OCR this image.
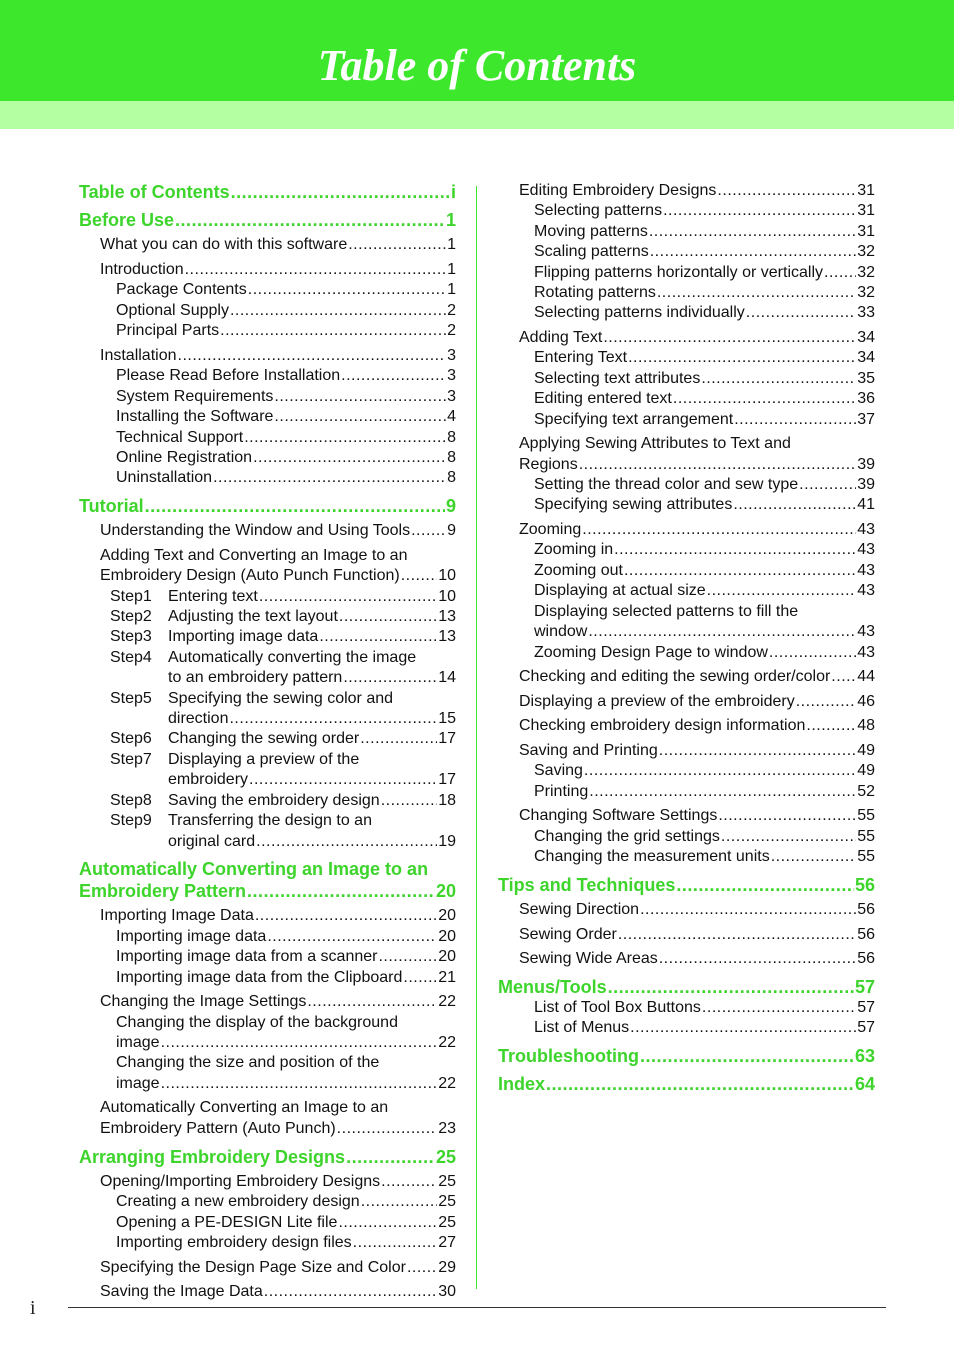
Table of Contents
Table of Contents .....	i
Before Use .....	1
What you can do with this software .....	1
Introduction .....	1
Package Contents .....	1
Optional Supply .....	2
Principal Parts .....	2
Installation .....	3
Please Read Before Installation .....	3
System Requirements .....	3
Installing the Software .....	4
Technical Support .....	8
Online Registration .....	8
Uninstallation .....	8
Tutorial .....	9
Understanding the Window and Using Tools ..... 9
Adding Text and Converting an Image to an
Embroidery Design (Auto Punch Function) ..... 10
Step1 Entering text .....	10
Step2 Adjusting the text layout .....	13
Step3 Importing image data .....	13
Step4 Automatically converting the image
to an embroidery pattern .....	14
Step5 Specifying the sewing color and
direction .....	15
Step6 Changing the sewing order .....	17
Step7 Displaying a preview of the
embroidery .....	17
Step8 Saving the embroidery design .....	18
Step9 Transferring the design to an
original card .....	19
Automatically Converting an Image to an
Embroidery Pattern .....	20
Importing Image Data .....	20
Importing image data .....	20
Importing image data from a scanner .....	20
Importing image data from the Clipboard ..... 21
Changing the Image Settings .....	22
Changing the display of the background
image .....	22
Changing the size and position of the
image .....	22
Automatically Converting an Image to an
Embroidery Pattern (Auto Punch) .....	23
Arranging Embroidery Designs .....	25
Opening/Importing Embroidery Designs .....	25
Creating a new embroidery design .....	25
Opening a PE-DESIGN Lite file .....	25
Importing embroidery design files .....	27
Specifying the Design Page Size and Color ..... 29
Saving the Image Data .....	30
Editing Embroidery Designs .....	31
Selecting patterns .....	31
Moving patterns .....	31
Scaling patterns .....	32
Flipping patterns horizontally or vertically ..... 32
Rotating patterns .....	32
Selecting patterns individually .....	33
Adding Text .....	34
Entering Text .....	34
Selecting text attributes .....	35
Editing entered text .....	36
Specifying text arrangement .....	37
Applying Sewing Attributes to Text and
Regions .....	39
Setting the thread color and sew type .....	39
Specifying sewing attributes .....	41
Zooming .....	43
Zooming in .....	43
Zooming out .....	43
Displaying at actual size .....	43
Displaying selected patterns to fill the
window .....	43
Zooming Design Page to window .....	43
Checking and editing the sewing order/color ..... 44
Displaying a preview of the embroidery .....	46
Checking embroidery design information .....	48
Saving and Printing .....	49
Saving .....	49
Printing .....	52
Changing Software Settings .....	55
Changing the grid settings .....	55
Changing the measurement units .....	55
Tips and Techniques .....	56
Sewing Direction .....	56
Sewing Order .....	56
Sewing Wide Areas .....	56
Menus/Tools .....	57
List of Tool Box Buttons .....	57
List of Menus .....	57
Troubleshooting .....	63
Index .....	64
i
